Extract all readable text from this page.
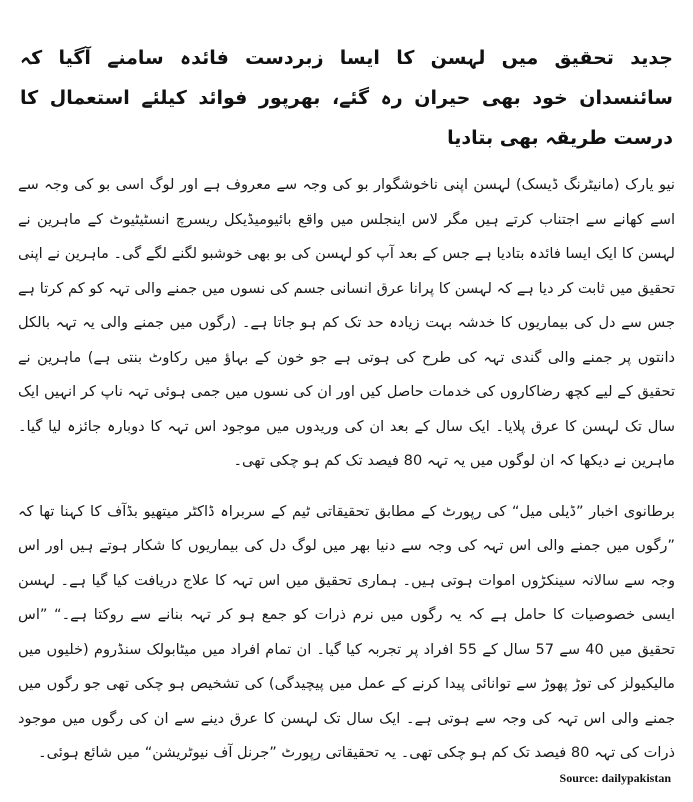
جدید تحقیق میں لہسن کا ایسا زبردست فائدہ سامنے آگیا کہ سائنسدان خود بھی حیران رہ گئے، بھرپور فوائد کیلئے استعمال کا درست طریقہ بھی بتادیا

نیو یارک (مانیٹرنگ ڈیسک) لہسن اپنی ناخوشگوار بو کی وجہ سے معروف ہے اور لوگ اسی بو کی وجہ سے اسے کھانے سے اجتناب کرتے ہیں مگر لاس اینجلس میں واقع بائیومیڈیکل ریسرچ انسٹیٹیوٹ کے ماہرین نے لہسن کا ایک ایسا فائدہ بتادیا ہے جس کے بعد آپ کو لہسن کی بو بھی خوشبو لگنے لگے گی۔ ماہرین نے اپنی تحقیق میں ثابت کر دیا ہے کہ لہسن کا پرانا عرق انسانی جسم کی نسوں میں جمنے والی تہہ کو کم کرتا ہے جس سے دل کی بیماریوں کا خدشہ بہت زیادہ حد تک کم ہو جاتا ہے۔ (رگوں میں جمنے والی یہ تہہ بالکل دانتوں پر جمنے والی گندی تہہ کی طرح کی ہوتی ہے جو خون کے بہاؤ میں رکاوٹ بنتی ہے) ماہرین نے تحقیق کے لیے کچھ رضاکاروں کی خدمات حاصل کیں اور ان کی نسوں میں جمی ہوئی تہہ ناپ کر انہیں ایک سال تک لہسن کا عرق پلایا۔ ایک سال کے بعد ان کی وریدوں میں موجود اس تہہ کا دوبارہ جائزہ لیا گیا۔ ماہرین نے دیکھا کہ ان لوگوں میں یہ تہہ 80 فیصد تک کم ہو چکی تھی۔

برطانوی اخبار ”ڈیلی میل“ کی رپورٹ کے مطابق تحقیقاتی ٹیم کے سربراہ ڈاکٹر میتھیو بڈآف کا کہنا تھا کہ ”رگوں میں جمنے والی اس تہہ کی وجہ سے دنیا بھر میں لوگ دل کی بیماریوں کا شکار ہوتے ہیں اور اس وجہ سے سالانہ سینکڑوں اموات ہوتی ہیں۔ ہماری تحقیق میں اس تہہ کا علاج دریافت کیا گیا ہے۔ لہسن ایسی خصوصیات کا حامل ہے کہ یہ رگوں میں نرم ذرات کو جمع ہو کر تہہ بنانے سے روکتا ہے۔“ ”اس تحقیق میں 40 سے 57 سال کے 55 افراد پر تجربہ کیا گیا۔ ان تمام افراد میں میٹابولک سنڈروم (خلیوں میں مالیکیولز کی توڑ پھوڑ سے توانائی پیدا کرنے کے عمل میں پیچیدگی) کی تشخیص ہو چکی تھی جو رگوں میں جمنے والی اس تہہ کی وجہ سے ہوتی ہے۔ ایک سال تک لہسن کا عرق دینے سے ان کی رگوں میں موجود ذرات کی تہہ 80 فیصد تک کم ہو چکی تھی۔ یہ تحقیقاتی رپورٹ ”جرنل آف نیوٹریشن“ میں شائع ہوئی۔

Source: dailypakistan
